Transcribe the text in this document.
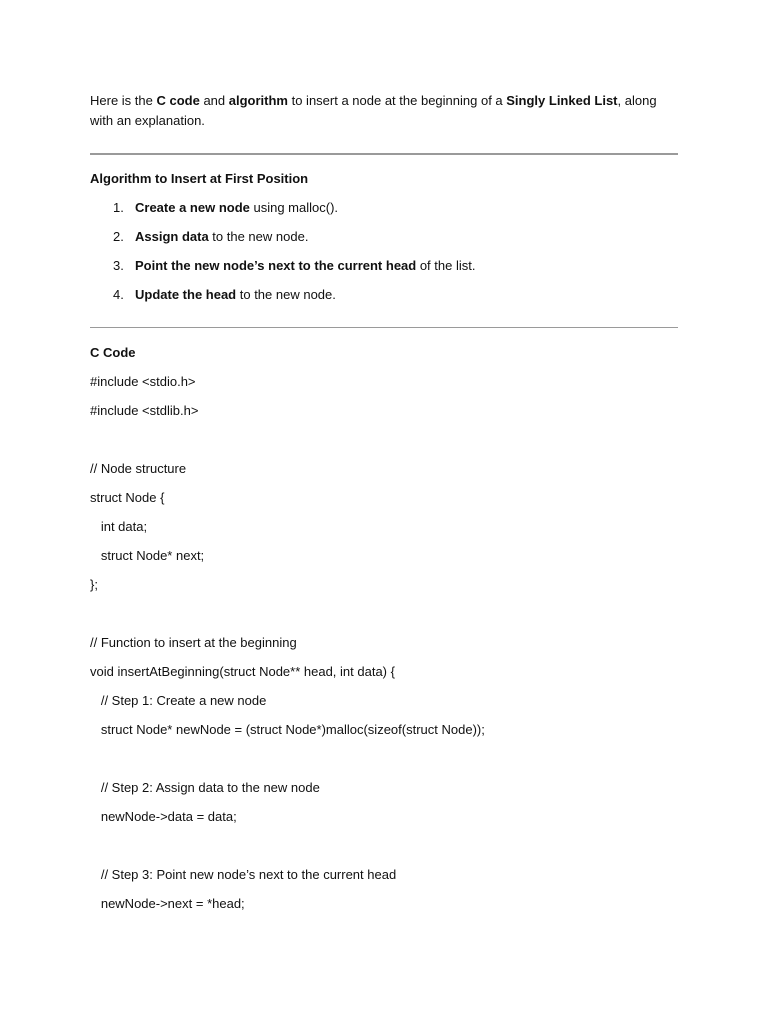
Here is the C code and algorithm to insert a node at the beginning of a Singly Linked List, along with an explanation.

Algorithm to Insert at First Position
1. Create a new node using malloc().
2. Assign data to the new node.
3. Point the new node’s next to the current head of the list.
4. Update the head to the new node.
C Code
#include <stdio.h>
#include <stdlib.h>
// Node structure
struct Node {
int data;
struct Node* next;
};
// Function to insert at the beginning
void insertAtBeginning(struct Node** head, int data) {
// Step 1: Create a new node
struct Node* newNode = (struct Node*)malloc(sizeof(struct Node));
// Step 2: Assign data to the new node
newNode->data = data;
// Step 3: Point new node’s next to the current head
newNode->next = *head;
